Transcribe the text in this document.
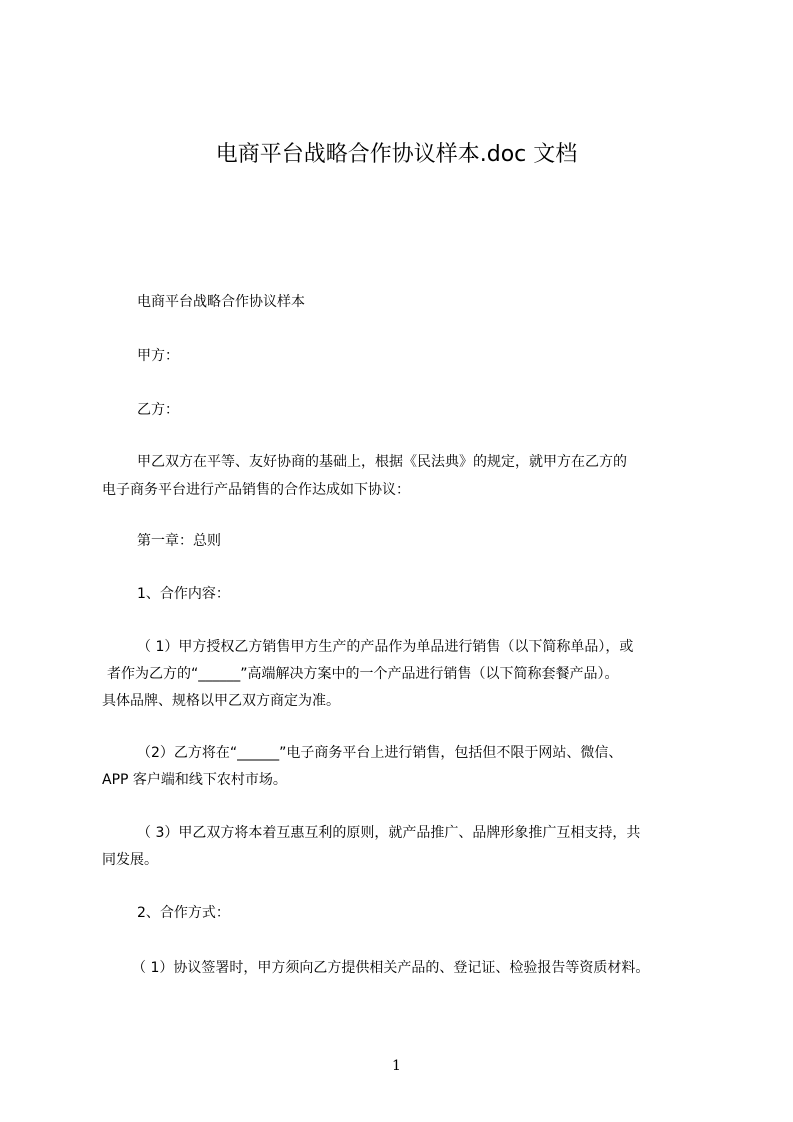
电商平台战略合作协议样本.doc 文档
电商平台战略合作协议样本
甲方：
乙方：
甲乙双方在平等、友好协商的基础上，根据《民法典》的规定，就甲方在乙方的
电子商务平台进行产品销售的合作达成如下协议：
第一章：总则
1、合作内容：
（ 1）甲方授权乙方销售甲方生产的产品作为单品进行销售（以下简称单品），或
者作为乙方的“______”高端解决方案中的一个产品进行销售（以下简称套餐产品）。
具体品牌、规格以甲乙双方商定为准。
（2）乙方将在“______”电子商务平台上进行销售，包括但不限于网站、微信、
APP 客户端和线下农村市场。
（ 3）甲乙双方将本着互惠互利的原则，就产品推广、品牌形象推广互相支持，共
同发展。
2、合作方式：
（ 1）协议签署时，甲方须向乙方提供相关产品的、登记证、检验报告等资质材料。
1
